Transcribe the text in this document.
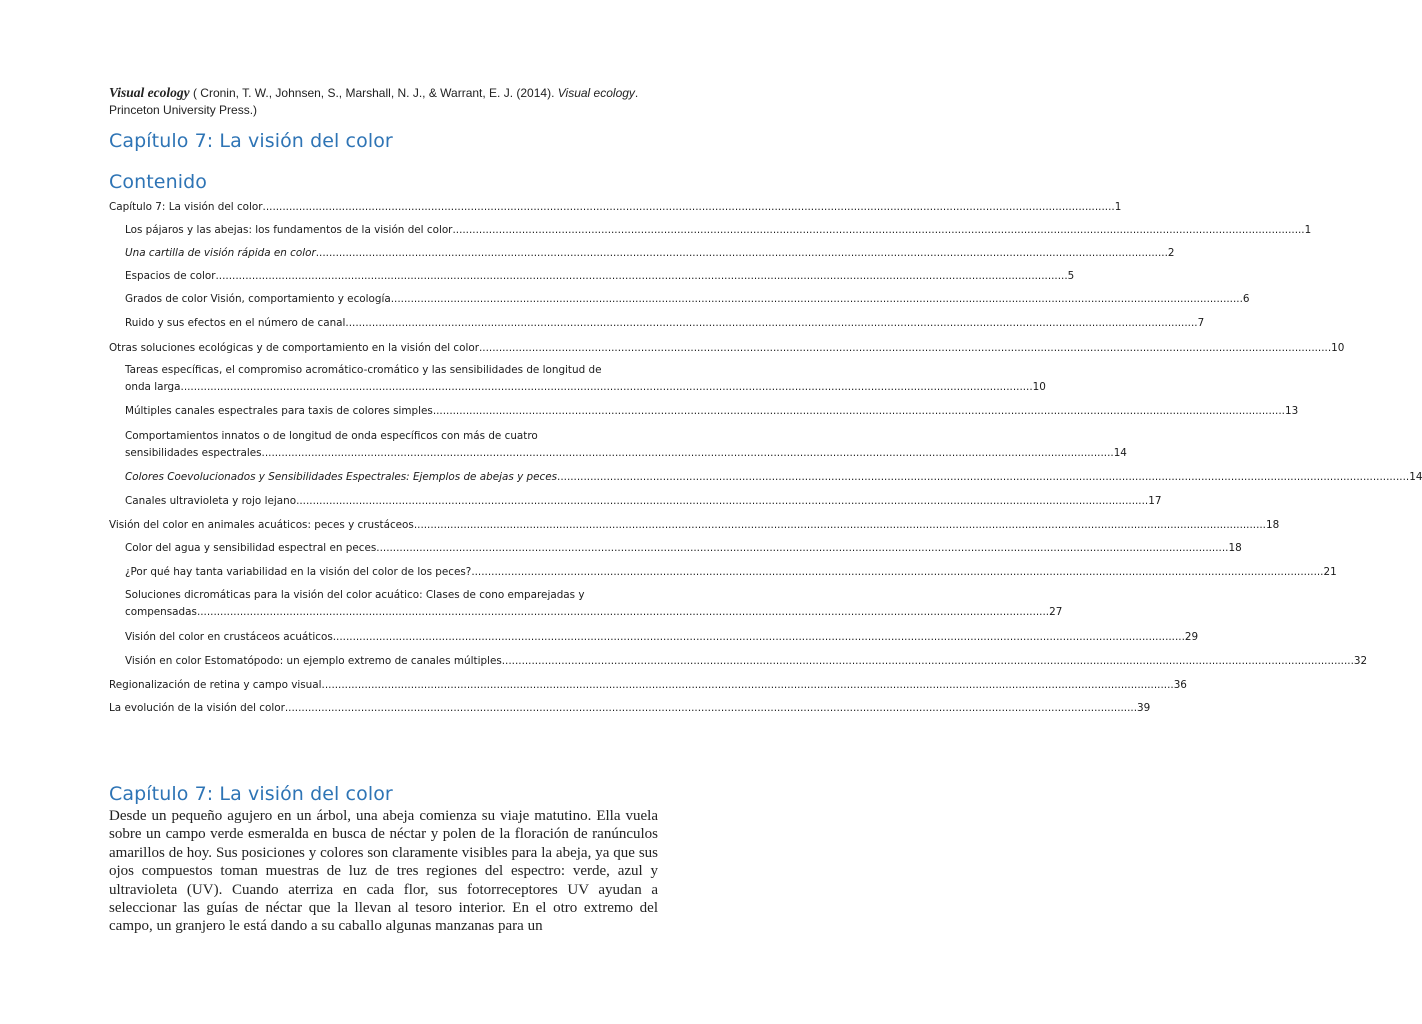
Visual ecology ( Cronin, T. W., Johnsen, S., Marshall, N. J., & Warrant, E. J. (2014). Visual ecology. Princeton University Press.)
Capítulo 7: La visión del color
Contenido
Capítulo 7: La visión del color .....	1
Los pájaros y las abejas: los fundamentos de la visión del color .....	1
Una cartilla de visión rápida en color .....	2
Espacios de color .....	5
Grados de color Visión, comportamiento y ecología .....	6
Ruido y sus efectos en el número de canal .....	7
Otras soluciones ecológicas y de comportamiento en la visión del color .....	10
Tareas específicas, el compromiso acromático-cromático y las sensibilidades de longitud de
onda larga .....	10
Múltiples canales espectrales para taxis de colores simples .....	13
Comportamientos innatos o de longitud de onda específicos con más de cuatro
sensibilidades espectrales .....	14
Colores Coevolucionados y Sensibilidades Espectrales: Ejemplos de abejas y peces .....	14
Canales ultravioleta y rojo lejano .....	17
Visión del color en animales acuáticos: peces y crustáceos .....	18
Color del agua y sensibilidad espectral en peces .....	18
¿Por qué hay tanta variabilidad en la visión del color de los peces? .....	21
Soluciones dicromáticas para la visión del color acuático: Clases de cono emparejadas y
compensadas .....	27
Visión del color en crustáceos acuáticos .....	29
Visión en color Estomatópodo: un ejemplo extremo de canales múltiples .....	32
Regionalización de retina y campo visual .....	36
La evolución de la visión del color .....	39
Capítulo 7: La visión del color

Desde un pequeño agujero en un árbol, una abeja comienza su viaje matutino. Ella vuela sobre un campo verde esmeralda en busca de néctar y polen de la floración de ranúnculos amarillos de hoy. Sus posiciones y colores son claramente visibles para la abeja, ya que sus ojos compuestos toman muestras de luz de tres regiones del espectro: verde, azul y ultravioleta (UV). Cuando aterriza en cada flor, sus fotorreceptores UV ayudan a seleccionar las guías de néctar que la llevan al tesoro interior. En el otro extremo del campo, un granjero le está dando a su caballo algunas manzanas para un
